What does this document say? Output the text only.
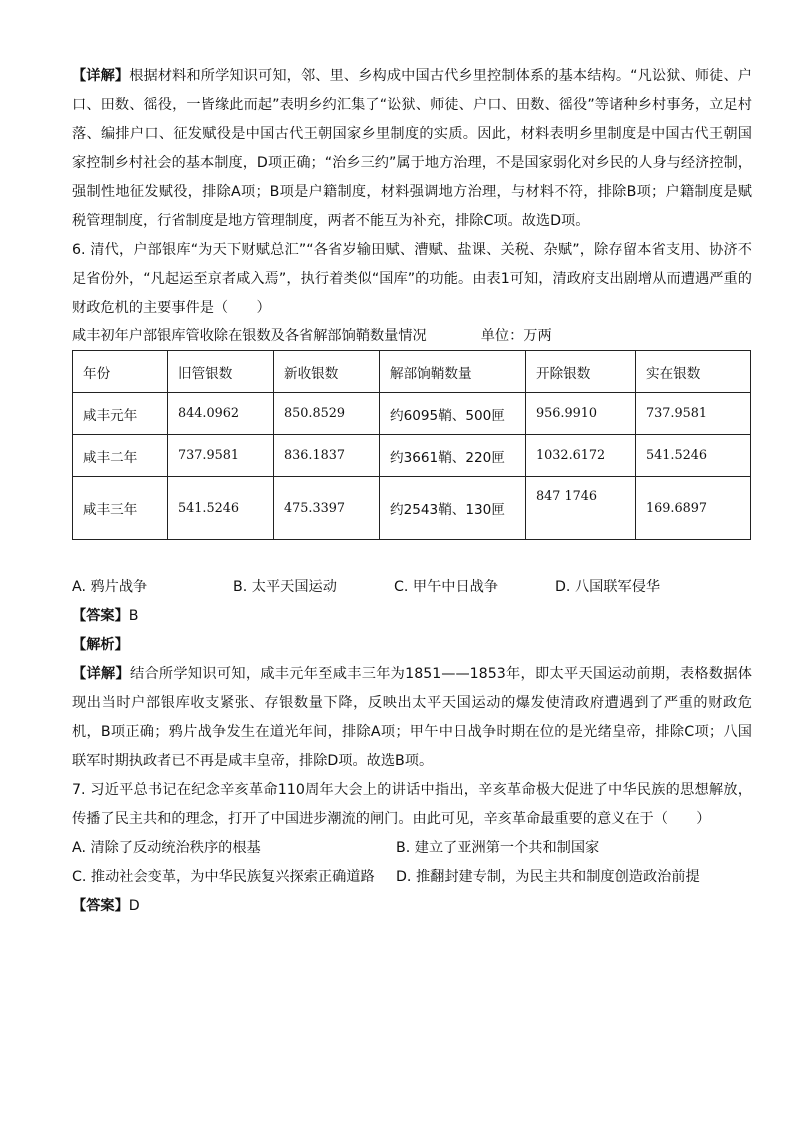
【详解】根据材料和所学知识可知，邻、里、乡构成中国古代乡里控制体系的基本结构。“凡讼狱、师徒、户口、田数、徭役，一皆缘此而起”表明乡约汇集了“讼狱、师徒、户口、田数、徭役”等诸种乡村事务，立足村落、编排户口、征发赋役是中国古代王朝国家乡里制度的实质。因此，材料表明乡里制度是中国古代王朝国家控制乡村社会的基本制度，D项正确；“治乡三约”属于地方治理，不是国家弱化对乡民的人身与经济控制，强制性地征发赋役，排除A项；B项是户籍制度，材料强调地方治理，与材料不符，排除B项；户籍制度是赋税管理制度，行省制度是地方管理制度，两者不能互为补充，排除C项。故选D项。

6. 清代，户部银库“为天下财赋总汇”“各省岁输田赋、漕赋、盐课、关税、杂赋”，除存留本省支用、协济不足省份外，“凡起运至京者咸入焉”，执行着类似“国库”的功能。由表1可知，清政府支出剧增从而遭遇严重的财政危机的主要事件是（　　）

咸丰初年户部银库管收除在银数及各省解部饷鞘数量情况	单位：万两

年份	旧管银数	新收银数	解部饷鞘数量	开除银数	实在银数
咸丰元年	844.0962	850.8529	约6095鞘、500匣	956.9910	737.9581
咸丰二年	737.9581	836.1837	约3661鞘、220匣	1032.6172	541.5246
咸丰三年	541.5246	475.3397	约2543鞘、130匣	847 1746	169.6897
A. 鸦片战争	B. 太平天国运动	C. 甲午中日战争	D. 八国联军侵华

【答案】B

【解析】

【详解】结合所学知识可知，咸丰元年至咸丰三年为1851——1853年，即太平天国运动前期，表格数据体现出当时户部银库收支紧张、存银数量下降，反映出太平天国运动的爆发使清政府遭遇到了严重的财政危机，B项正确；鸦片战争发生在道光年间，排除A项；甲午中日战争时期在位的是光绪皇帝，排除C项；八国联军时期执政者已不再是咸丰皇帝，排除D项。故选B项。

7. 习近平总书记在纪念辛亥革命110周年大会上的讲话中指出，辛亥革命极大促进了中华民族的思想解放，传播了民主共和的理念，打开了中国进步潮流的闸门。由此可见，辛亥革命最重要的意义在于（　　）

A. 清除了反动统治秩序的根基	B. 建立了亚洲第一个共和制国家
C. 推动社会变革，为中华民族复兴探索正确道路	D. 推翻封建专制，为民主共和制度创造政治前提

【答案】D
